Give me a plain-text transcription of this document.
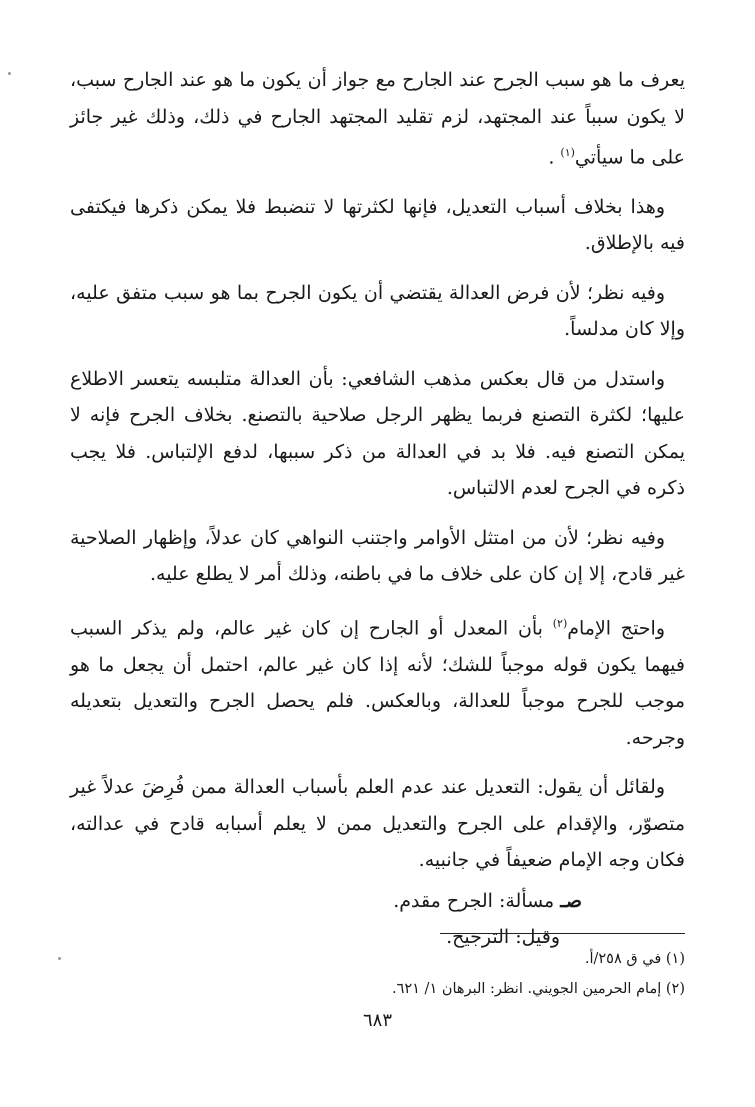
يعرف ما هو سبب الجرح عند الجارح مع جواز أن يكون ما هو عند الجارح سبب، لا يكون سبباً عند المجتهد، لزم تقليد المجتهد الجارح في ذلك، وذلك غير جائز على ما سيأتي$^{(١)}$ .

وهذا بخلاف أسباب التعديل، فإنها لكثرتها لا تنضبط فلا يمكن ذكرها فيكتفى فيه بالإطلاق.

وفيه نظر؛ لأن فرض العدالة يقتضي أن يكون الجرح بما هو سبب متفق عليه، وإلا كان مدلساً.

واستدل من قال بعكس مذهب الشافعي: بأن العدالة متلبسه يتعسر الاطلاع عليها؛ لكثرة التصنع فربما يظهر الرجل صلاحية بالتصنع. بخلاف الجرح فإنه لا يمكن التصنع فيه. فلا بد في العدالة من ذكر سببها، لدفع الإلتباس. فلا يجب ذكره في الجرح لعدم الالتباس.

وفيه نظر؛ لأن من امتثل الأوامر واجتنب النواهي كان عدلاً، وإظهار الصلاحية غير قادح، إلا إن كان على خلاف ما في باطنه، وذلك أمر لا يطلع عليه.

واحتج الإمام$^{(٢)}$ بأن المعدل أو الجارح إن كان غير عالم، ولم يذكر السبب فيهما يكون قوله موجباً للشك؛ لأنه إذا كان غير عالم، احتمل أن يجعل ما هو موجب للجرح موجباً للعدالة، وبالعكس. فلم يحصل الجرح والتعديل بتعديله وجرحه.

ولقائل أن يقول: التعديل عند عدم العلم بأسباب العدالة ممن فُرِضَ عدلاً غير متصوّر، والإقدام على الجرح والتعديل ممن لا يعلم أسبابه قادح في عدالته، فكان وجه الإمام ضعيفاً في جانبيه.

صـ مسألة: الجرح مقدم.
وقيل: الترجيح.
(١) في ق ٢٥٨/أ.
(٢) إمام الحرمين الجويني. انظر: البرهان ١/ ٦٢١.
٦٨٣
